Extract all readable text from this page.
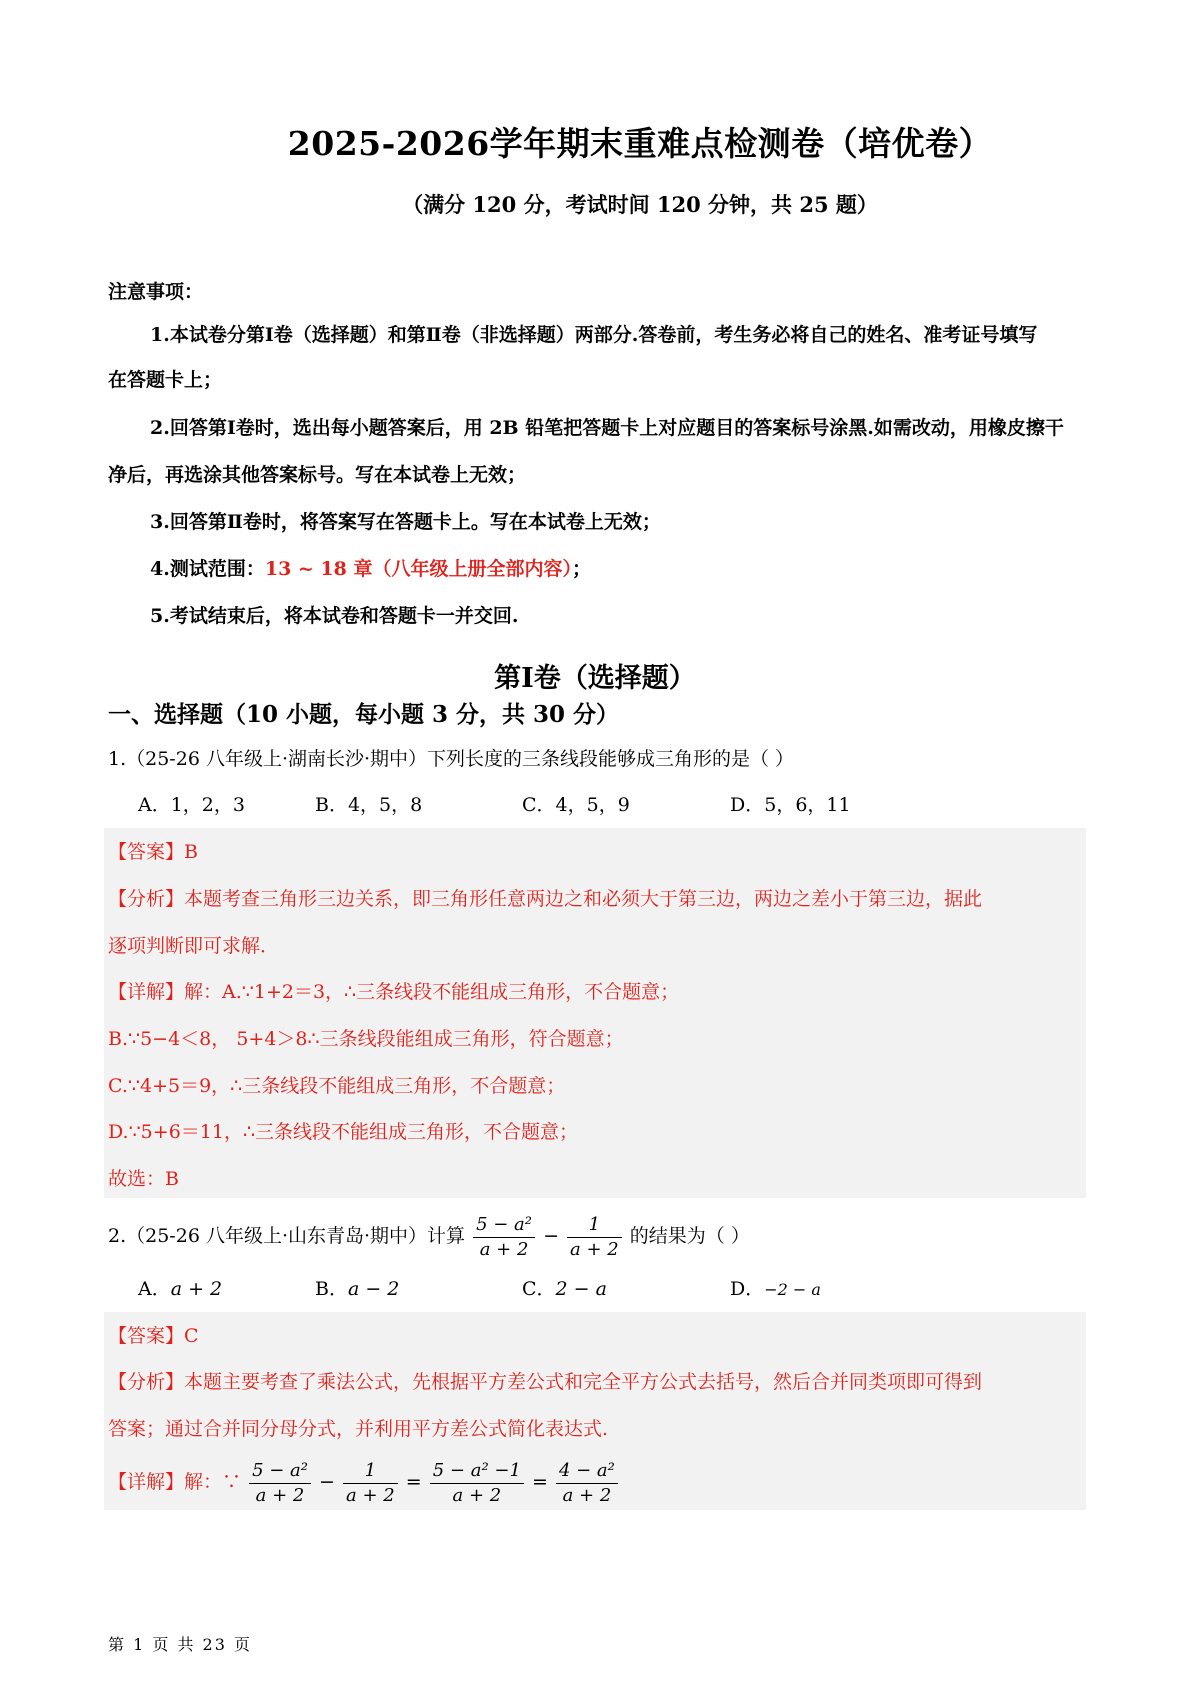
2025-2026学年期末重难点检测卷（培优卷）
（满分 120 分，考试时间 120 分钟，共 25 题）
注意事项：
1.本试卷分第Ⅰ卷（选择题）和第Ⅱ卷（非选择题）两部分.答卷前，考生务必将自己的姓名、准考证号填写
在答题卡上；
2.回答第Ⅰ卷时，选出每小题答案后，用 2B 铅笔把答题卡上对应题目的答案标号涂黑.如需改动，用橡皮擦干
净后，再选涂其他答案标号。写在本试卷上无效；
3.回答第Ⅱ卷时，将答案写在答题卡上。写在本试卷上无效；
4.测试范围：13 ~ 18 章（八年级上册全部内容）；
5.考试结束后，将本试卷和答题卡一并交回.
第Ⅰ卷（选择题）
一、选择题（10 小题，每小题 3 分，共 30 分）
1.（25-26 八年级上·湖南长沙·期中）下列长度的三条线段能够成三角形的是（ ）
A．1，2，3	B．4，5，8	C．4，5，9	D．5，6，11
【答案】B
【分析】本题考查三角形三边关系，即三角形任意两边之和必须大于第三边，两边之差小于第三边，据此
逐项判断即可求解．
【详解】解：A.∵1+2＝3，∴三条线段不能组成三角形，不合题意；
B.∵5−4＜8， 5+4＞8∴三条线段能组成三角形，符合题意；
C.∵4+5＝9，∴三条线段不能组成三角形，不合题意；
D.∵5+6＝11，∴三条线段不能组成三角形，不合题意；
故选：B
2.（25-26 八年级上·山东青岛·期中）计算 $\frac{\text{5 − a²}}{a + 2} - \frac{1}{a + 2}$ 的结果为（ ）
A．a + 2	B．a − 2	C．2 − a	D．−2 − a
【答案】C
【分析】本题主要考查了乘法公式，先根据平方差公式和完全平方公式去括号，然后合并同类项即可得到
答案；通过合并同分母分式，并利用平方差公式简化表达式.
【详解】解：∵ $\frac{\text{5 − a²}}{a + 2} - \frac{1}{a + 2} = \frac{\text{5 − a² −1}}{a + 2} = \frac{\text{4 − a²}}{a + 2}$
第 1 页 共 23 页
